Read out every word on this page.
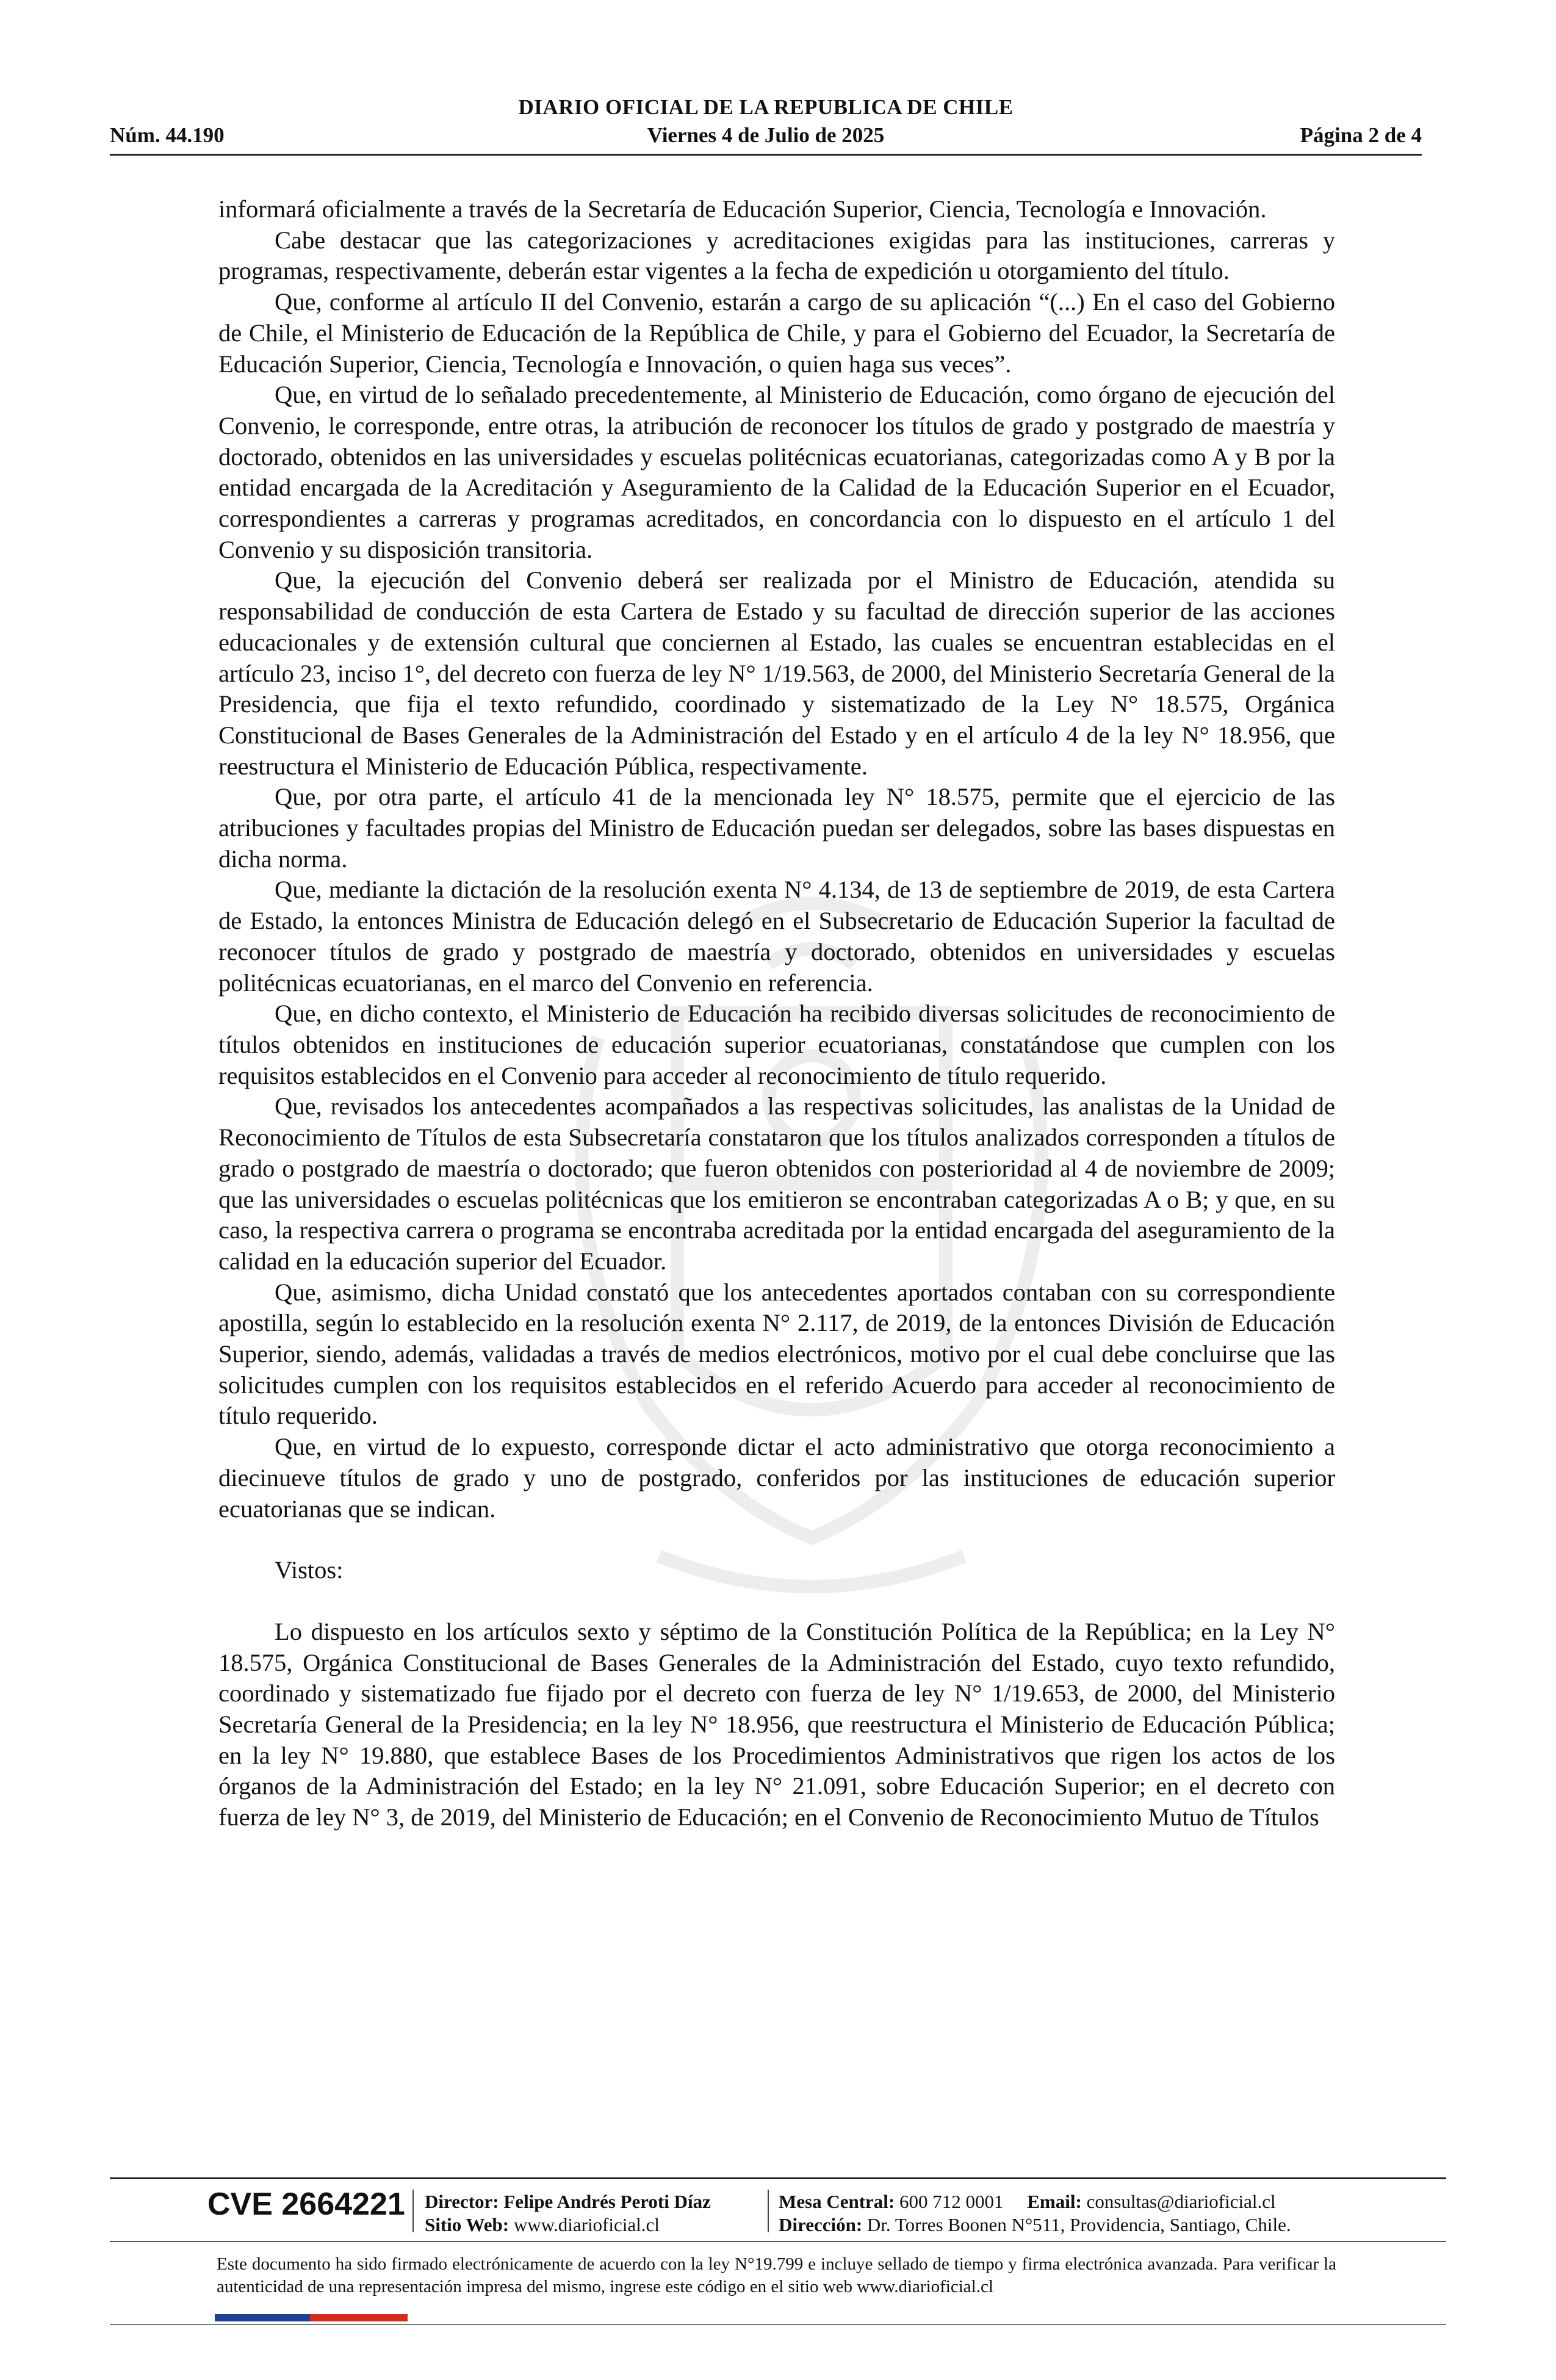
DIARIO OFICIAL DE LA REPUBLICA DE CHILE
Núm. 44.190	Viernes 4 de Julio de 2025	Página 2 de 4

informará oficialmente a través de la Secretaría de Educación Superior, Ciencia, Tecnología e Innovación.

Cabe destacar que las categorizaciones y acreditaciones exigidas para las instituciones, carreras y programas, respectivamente, deberán estar vigentes a la fecha de expedición u otorgamiento del título.

Que, conforme al artículo II del Convenio, estarán a cargo de su aplicación “(...) En el caso del Gobierno de Chile, el Ministerio de Educación de la República de Chile, y para el Gobierno del Ecuador, la Secretaría de Educación Superior, Ciencia, Tecnología e Innovación, o quien haga sus veces”.

Que, en virtud de lo señalado precedentemente, al Ministerio de Educación, como órgano de ejecución del Convenio, le corresponde, entre otras, la atribución de reconocer los títulos de grado y postgrado de maestría y doctorado, obtenidos en las universidades y escuelas politécnicas ecuatorianas, categorizadas como A y B por la entidad encargada de la Acreditación y Aseguramiento de la Calidad de la Educación Superior en el Ecuador, correspondientes a carreras y programas acreditados, en concordancia con lo dispuesto en el artículo 1 del Convenio y su disposición transitoria.

Que, la ejecución del Convenio deberá ser realizada por el Ministro de Educación, atendida su responsabilidad de conducción de esta Cartera de Estado y su facultad de dirección superior de las acciones educacionales y de extensión cultural que conciernen al Estado, las cuales se encuentran establecidas en el artículo 23, inciso 1°, del decreto con fuerza de ley N° 1/19.563, de 2000, del Ministerio Secretaría General de la Presidencia, que fija el texto refundido, coordinado y sistematizado de la Ley N° 18.575, Orgánica Constitucional de Bases Generales de la Administración del Estado y en el artículo 4 de la ley N° 18.956, que reestructura el Ministerio de Educación Pública, respectivamente.

Que, por otra parte, el artículo 41 de la mencionada ley N° 18.575, permite que el ejercicio de las atribuciones y facultades propias del Ministro de Educación puedan ser delegados, sobre las bases dispuestas en dicha norma.

Que, mediante la dictación de la resolución exenta N° 4.134, de 13 de septiembre de 2019, de esta Cartera de Estado, la entonces Ministra de Educación delegó en el Subsecretario de Educación Superior la facultad de reconocer títulos de grado y postgrado de maestría y doctorado, obtenidos en universidades y escuelas politécnicas ecuatorianas, en el marco del Convenio en referencia.

Que, en dicho contexto, el Ministerio de Educación ha recibido diversas solicitudes de reconocimiento de títulos obtenidos en instituciones de educación superior ecuatorianas, constatándose que cumplen con los requisitos establecidos en el Convenio para acceder al reconocimiento de título requerido.

Que, revisados los antecedentes acompañados a las respectivas solicitudes, las analistas de la Unidad de Reconocimiento de Títulos de esta Subsecretaría constataron que los títulos analizados corresponden a títulos de grado o postgrado de maestría o doctorado; que fueron obtenidos con posterioridad al 4 de noviembre de 2009; que las universidades o escuelas politécnicas que los emitieron se encontraban categorizadas A o B; y que, en su caso, la respectiva carrera o programa se encontraba acreditada por la entidad encargada del aseguramiento de la calidad en la educación superior del Ecuador.

Que, asimismo, dicha Unidad constató que los antecedentes aportados contaban con su correspondiente apostilla, según lo establecido en la resolución exenta N° 2.117, de 2019, de la entonces División de Educación Superior, siendo, además, validadas a través de medios electrónicos, motivo por el cual debe concluirse que las solicitudes cumplen con los requisitos establecidos en el referido Acuerdo para acceder al reconocimiento de título requerido.

Que, en virtud de lo expuesto, corresponde dictar el acto administrativo que otorga reconocimiento a diecinueve títulos de grado y uno de postgrado, conferidos por las instituciones de educación superior ecuatorianas que se indican.

Vistos:

Lo dispuesto en los artículos sexto y séptimo de la Constitución Política de la República; en la Ley N° 18.575, Orgánica Constitucional de Bases Generales de la Administración del Estado, cuyo texto refundido, coordinado y sistematizado fue fijado por el decreto con fuerza de ley N° 1/19.653, de 2000, del Ministerio Secretaría General de la Presidencia; en la ley N° 18.956, que reestructura el Ministerio de Educación Pública; en la ley N° 19.880, que establece Bases de los Procedimientos Administrativos que rigen los actos de los órganos de la Administración del Estado; en la ley N° 21.091, sobre Educación Superior; en el decreto con fuerza de ley N° 3, de 2019, del Ministerio de Educación; en el Convenio de Reconocimiento Mutuo de Títulos

CVE 2664221 Director: Felipe Andrés Peroti Díaz
Sitio Web: www.diarioficial.cl
Mesa Central: 600 712 0001 Email: consultas@diarioficial.cl
Dirección: Dr. Torres Boonen N°511, Providencia, Santiago, Chile.
Este documento ha sido firmado electrónicamente de acuerdo con la ley N°19.799 e incluye sellado de tiempo y firma electrónica avanzada. Para verificar la autenticidad de una representación impresa del mismo, ingrese este código en el sitio web www.diarioficial.cl
